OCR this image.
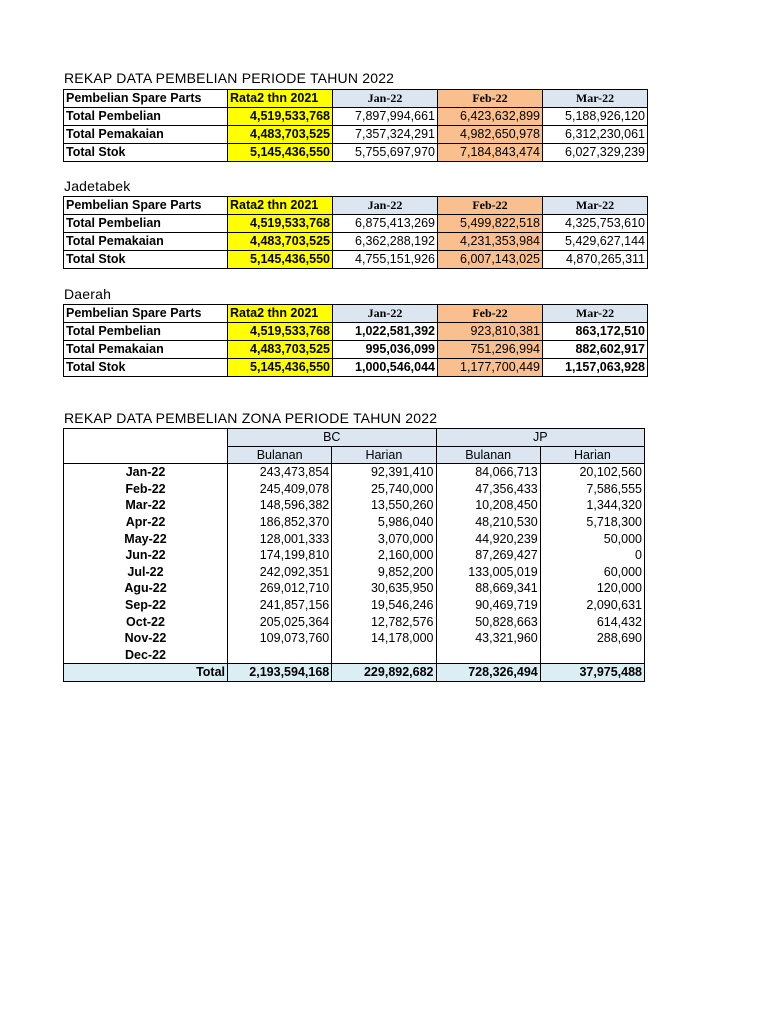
REKAP DATA PEMBELIAN PERIODE TAHUN 2022
Pembelian Spare Parts	Rata2 thn 2021	Jan-22	Feb-22	Mar-22
Total Pembelian	4,519,533,768	7,897,994,661	6,423,632,899	5,188,926,120
Total Pemakaian	4,483,703,525	7,357,324,291	4,982,650,978	6,312,230,061
Total Stok	5,145,436,550	5,755,697,970	7,184,843,474	6,027,329,239
Jadetabek
Pembelian Spare Parts	Rata2 thn 2021	Jan-22	Feb-22	Mar-22
Total Pembelian	4,519,533,768	6,875,413,269	5,499,822,518	4,325,753,610
Total Pemakaian	4,483,703,525	6,362,288,192	4,231,353,984	5,429,627,144
Total Stok	5,145,436,550	4,755,151,926	6,007,143,025	4,870,265,311
Daerah
Pembelian Spare Parts	Rata2 thn 2021	Jan-22	Feb-22	Mar-22
Total Pembelian	4,519,533,768	1,022,581,392	923,810,381	863,172,510
Total Pemakaian	4,483,703,525	995,036,099	751,296,994	882,602,917
Total Stok	5,145,436,550	1,000,546,044	1,177,700,449	1,157,063,928
REKAP DATA PEMBELIAN ZONA PERIODE TAHUN 2022
	BC		JP	
	Bulanan	Harian	Bulanan	Harian
Jan-22	243,473,854	92,391,410	84,066,713	20,102,560
Feb-22	245,409,078	25,740,000	47,356,433	7,586,555
Mar-22	148,596,382	13,550,260	10,208,450	1,344,320
Apr-22	186,852,370	5,986,040	48,210,530	5,718,300
May-22	128,001,333	3,070,000	44,920,239	50,000
Jun-22	174,199,810	2,160,000	87,269,427	0
Jul-22	242,092,351	9,852,200	133,005,019	60,000
Agu-22	269,012,710	30,635,950	88,669,341	120,000
Sep-22	241,857,156	19,546,246	90,469,719	2,090,631
Oct-22	205,025,364	12,782,576	50,828,663	614,432
Nov-22	109,073,760	14,178,000	43,321,960	288,690
Dec-22				
Total	2,193,594,168	229,892,682	728,326,494	37,975,488
